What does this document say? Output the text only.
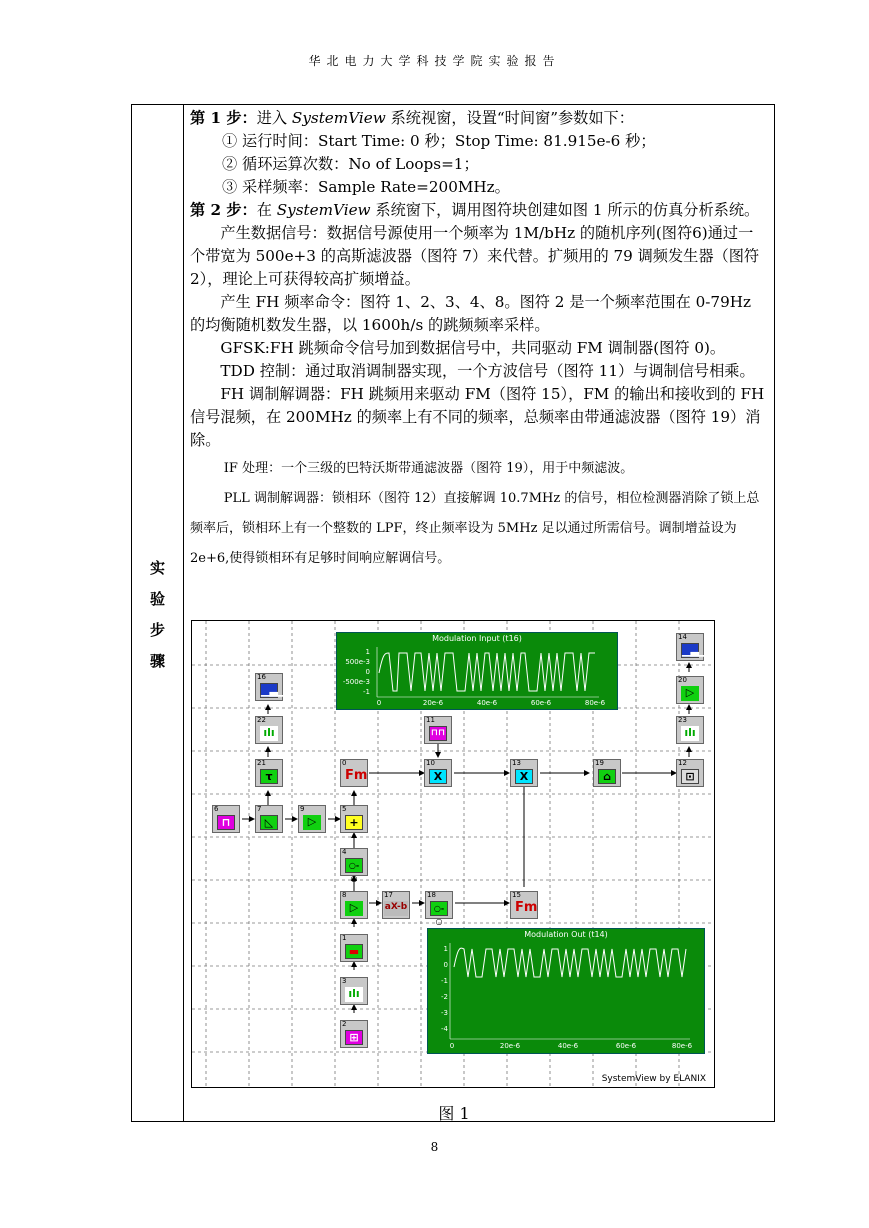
华北电力大学科技学院实验报告
实
验
步
骤

第 1 步：进入 SystemView 系统视窗，设置“时间窗”参数如下：

① 运行时间：Start Time: 0 秒；Stop Time: 81.915e-6 秒；

② 循环运算次数：No of Loops=1；

③ 采样频率：Sample Rate=200MHz。

第 2 步：在 SystemView 系统窗下，调用图符块创建如图 1 所示的仿真分析系统。

产生数据信号：数据信号源使用一个频率为 1M/bHz 的随机序列(图符6)通过一个带宽为 500e+3 的高斯滤波器（图符 7）来代替。扩频用的 79 调频发生器（图符 2），理论上可获得较高扩频增益。

产生 FH 频率命令：图符 1、2、3、4、8。图符 2 是一个频率范围在 0-79Hz 的均衡随机数发生器，以 1600h/s 的跳频频率采样。

GFSK:FH 跳频命令信号加到数据信号中，共同驱动 FM 调制器(图符 0)。

TDD 控制：通过取消调制器实现，一个方波信号（图符 11）与调制信号相乘。

FH 调制解调器：FH 跳频用来驱动 FM（图符 15），FM 的输出和接收到的 FH 信号混频，在 200MHz 的频率上有不同的频率，总频率由带通滤波器（图符 19）消除。

IF 处理：一个三级的巴特沃斯带通滤波器（图符 19），用于中频滤波。

PLL 调制解调器：锁相环（图符 12）直接解调 10.7MHz 的信号，相位检测器消除了锁上总频率后，锁相环上有一个整数的 LPF，终止频率设为 5MHz 足以通过所需信号。调制增益设为 2e+6,使得锁相环有足够时间响应解调信号。

图 1
Modulation Input (t16)
1
500e-3
0
-500e-3
-1
0	20e-6	40e-6	60e-6	80e-6
Modulation Out (t14)
1
0
-1
-2
-3
-4
0	20e-6	40e-6	60e-6	80e-6
16
▁▃▁
22
ılı
21
τ
6
⊓
7
◺
9
▷
0
Fm
5
+
11
⊓⊓
10
X
13
X
19
⌂
4
○-○
8
▷
17
aX-b
18
○-○
15
Fm
1
▬
3
ılı
2
⊞
14
▁▃▁
20
▷
23
ılı
12
⊡
SystemView by ELANIX
8
